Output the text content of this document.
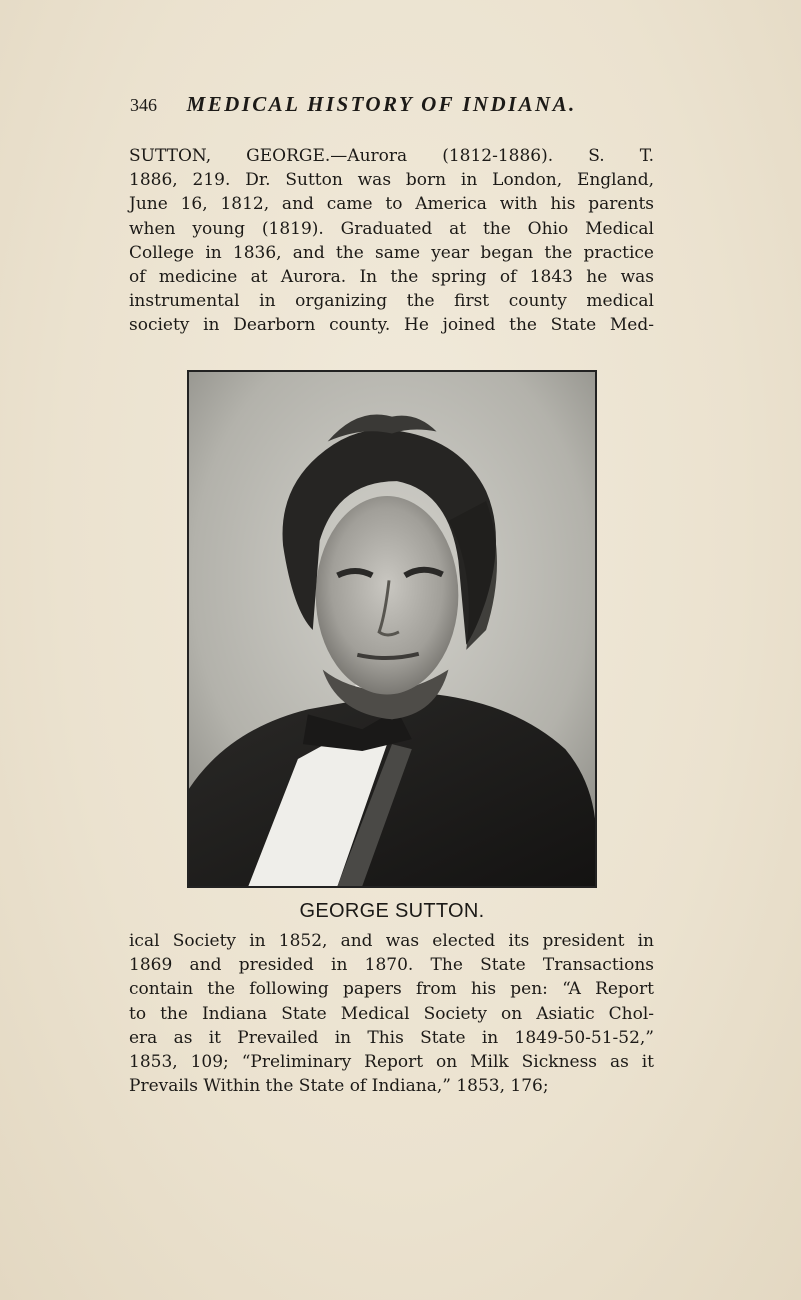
346 MEDICAL HISTORY OF INDIANA.

SUTTON, GEORGE.—Aurora (1812-1886). S. T.
1886, 219. Dr. Sutton was born in London, England,
June 16, 1812, and came to America with his parents
when young (1819). Graduated at the Ohio Medical
College in 1836, and the same year began the practice
of medicine at Aurora. In the spring of 1843 he was
instrumental in organizing the first county medical
society in Dearborn county. He joined the State Med-

GEORGE SUTTON.

ical Society in 1852, and was elected its president in
1869 and presided in 1870. The State Transactions
contain the following papers from his pen: “A Report
to the Indiana State Medical Society on Asiatic Chol-
era as it Prevailed in This State in 1849-50-51-52,”
1853, 109; “Preliminary Report on Milk Sickness as it
Prevails Within the State of Indiana,” 1853, 176;
